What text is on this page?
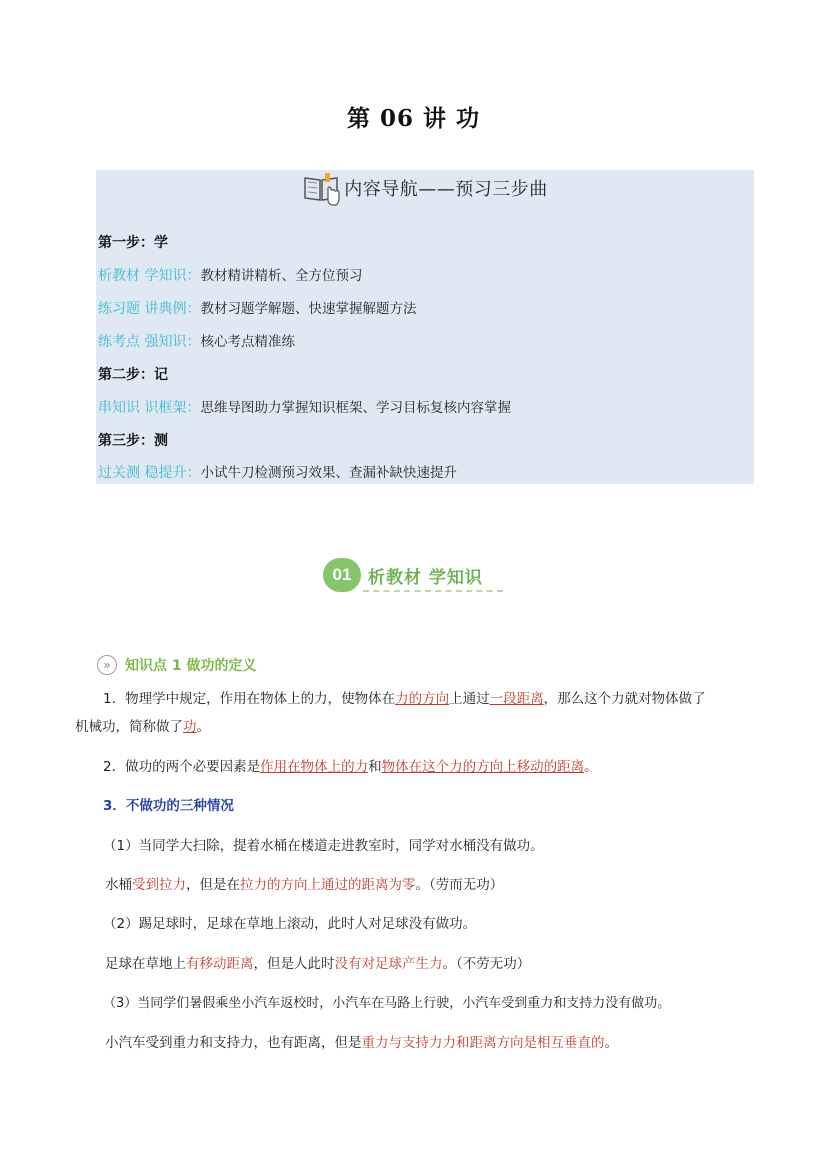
第 06 讲 功
内容导航——预习三步曲
第一步：学
析教材 学知识：教材精讲精析、全方位预习
练习题 讲典例：教材习题学解题、快速掌握解题方法
练考点 强知识：核心考点精准练
第二步：记
串知识 识框架：思维导图助力掌握知识框架、学习目标复核内容掌握
第三步：测
过关测 稳提升：小试牛刀检测预习效果、查漏补缺快速提升
01 析教材 学知识
»	知识点 1 做功的定义
1．物理学中规定，作用在物体上的力，使物体在力的方向上通过一段距离，那么这个力就对物体做了
机械功，简称做了功。
2．做功的两个必要因素是作用在物体上的力和物体在这个力的方向上移动的距离。
3．不做功的三种情况
（1）当同学大扫除，提着水桶在楼道走进教室时，同学对水桶没有做功。
水桶受到拉力，但是在拉力的方向上通过的距离为零。（劳而无功）
（2）踢足球时，足球在草地上滚动，此时人对足球没有做功。
足球在草地上有移动距离，但是人此时没有对足球产生力。（不劳无功）
（3）当同学们暑假乘坐小汽车返校时，小汽车在马路上行驶，小汽车受到重力和支持力没有做功。
小汽车受到重力和支持力，也有距离，但是重力与支持力力和距离方向是相互垂直的。
